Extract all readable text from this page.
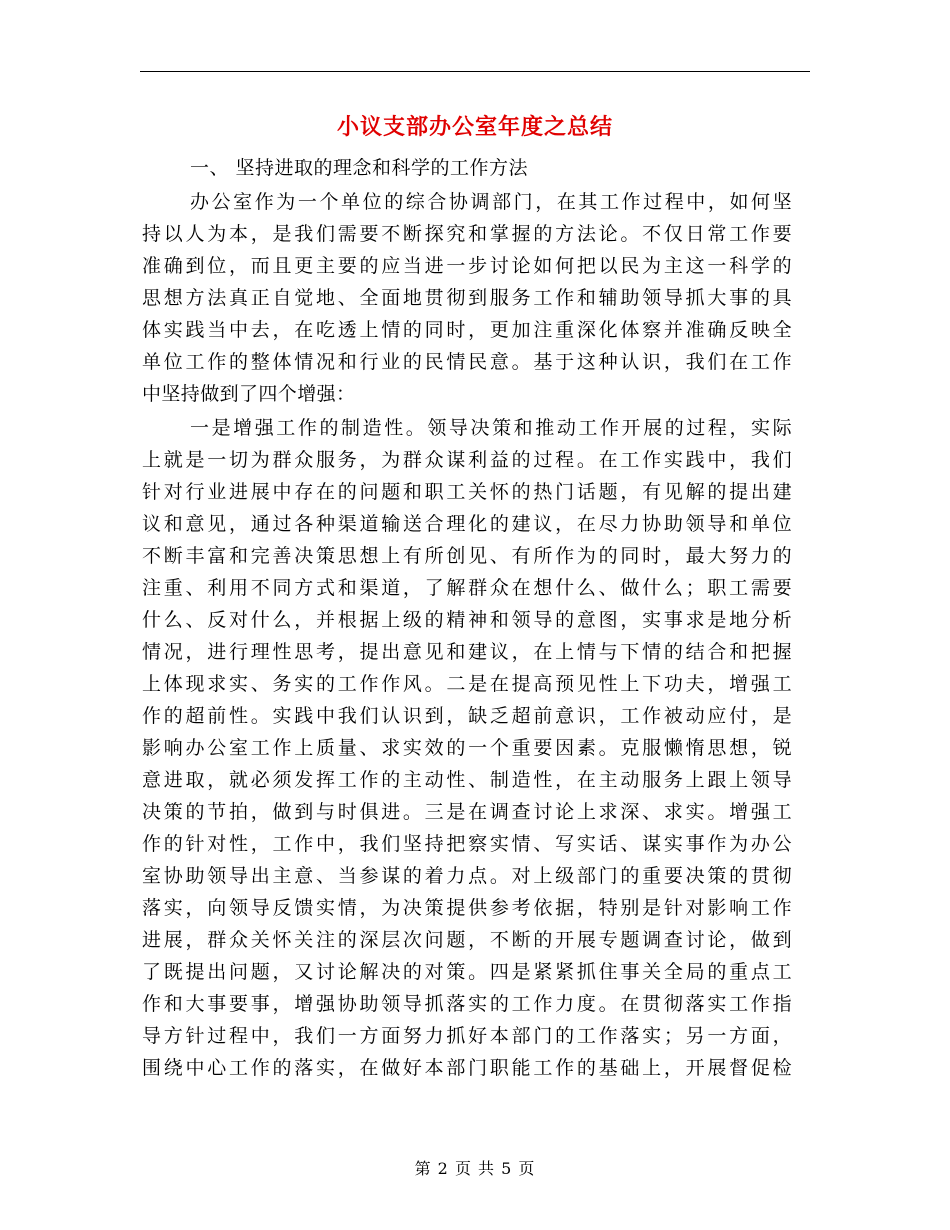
小议支部办公室年度之总结
一、 坚持进取的理念和科学的工作方法
办公室作为一个单位的综合协调部门，在其工作过程中，如何坚
持以人为本，是我们需要不断探究和掌握的方法论。不仅日常工作要
准确到位，而且更主要的应当进一步讨论如何把以民为主这一科学的
思想方法真正自觉地、全面地贯彻到服务工作和辅助领导抓大事的具
体实践当中去，在吃透上情的同时，更加注重深化体察并准确反映全
单位工作的整体情况和行业的民情民意。基于这种认识，我们在工作
中坚持做到了四个增强：
一是增强工作的制造性。领导决策和推动工作开展的过程，实际
上就是一切为群众服务，为群众谋利益的过程。在工作实践中，我们
针对行业进展中存在的问题和职工关怀的热门话题，有见解的提出建
议和意见，通过各种渠道输送合理化的建议，在尽力协助领导和单位
不断丰富和完善决策思想上有所创见、有所作为的同时，最大努力的
注重、利用不同方式和渠道，了解群众在想什么、做什么；职工需要
什么、反对什么，并根据上级的精神和领导的意图，实事求是地分析
情况，进行理性思考，提出意见和建议，在上情与下情的结合和把握
上体现求实、务实的工作作风。二是在提高预见性上下功夫，增强工
作的超前性。实践中我们认识到，缺乏超前意识，工作被动应付，是
影响办公室工作上质量、求实效的一个重要因素。克服懒惰思想，锐
意进取，就必须发挥工作的主动性、制造性，在主动服务上跟上领导
决策的节拍，做到与时俱进。三是在调查讨论上求深、求实。增强工
作的针对性，工作中，我们坚持把察实情、写实话、谋实事作为办公
室协助领导出主意、当参谋的着力点。对上级部门的重要决策的贯彻
落实，向领导反馈实情，为决策提供参考依据，特别是针对影响工作
进展，群众关怀关注的深层次问题，不断的开展专题调查讨论，做到
了既提出问题，又讨论解决的对策。四是紧紧抓住事关全局的重点工
作和大事要事，增强协助领导抓落实的工作力度。在贯彻落实工作指
导方针过程中，我们一方面努力抓好本部门的工作落实；另一方面，
围绕中心工作的落实，在做好本部门职能工作的基础上，开展督促检
第 2 页 共 5 页
